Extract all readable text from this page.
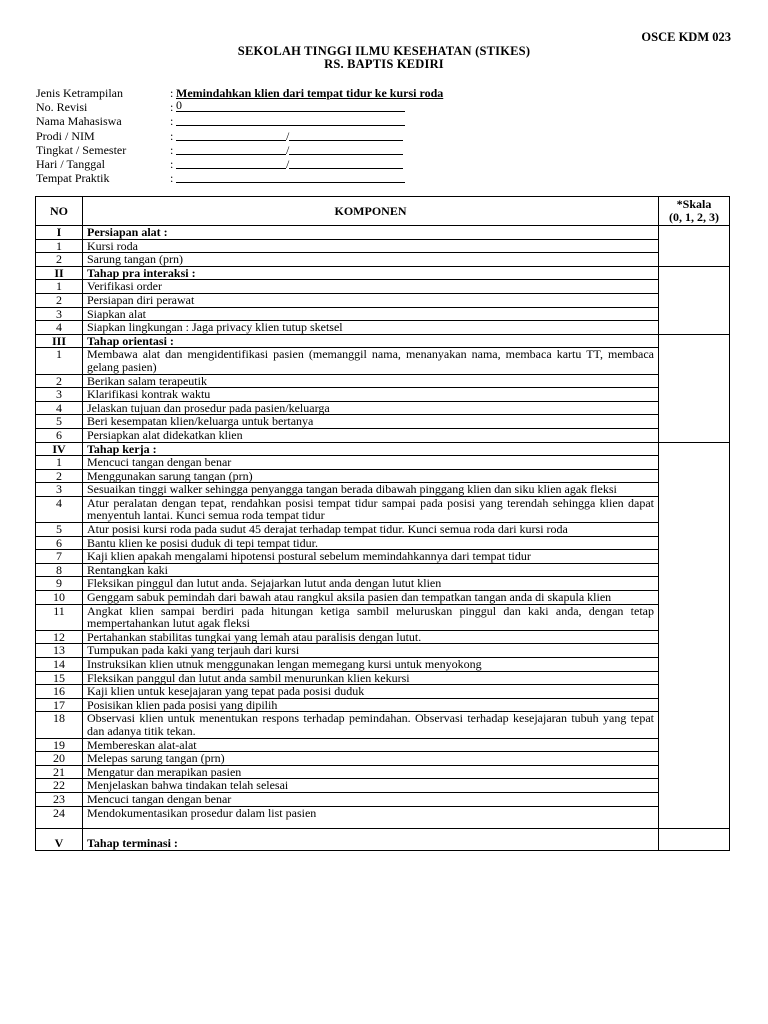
OSCE KDM 023
SEKOLAH TINGGI ILMU KESEHATAN (STIKES)
RS. BAPTIS KEDIRI
Jenis Ketrampilan	: Memindahkan klien dari tempat tidur ke kursi roda
No. Revisi	: 0
Nama Mahasiswa	:
Prodi / NIM	:	/
Tingkat / Semester	:	/
Hari / Tanggal	:	/
Tempat Praktik	:
NO	KOMPONEN	*Skala
(0, 1, 2, 3)

I	Persiapan alat :	
1	Kursi roda	
2	Sarung tangan (prn)	
II	Tahap pra interaksi :	
1	Verifikasi order	
2	Persiapan diri perawat	
3	Siapkan alat	
4	Siapkan lingkungan : Jaga privacy klien tutup sketsel	
III	Tahap orientasi :	
1	Membawa alat dan mengidentifikasi pasien (memanggil nama, menanyakan nama, membaca kartu TT, membaca gelang pasien)	
2	Berikan salam terapeutik	
3	Klarifikasi kontrak waktu	
4	Jelaskan tujuan dan prosedur pada pasien/keluarga	
5	Beri kesempatan klien/keluarga untuk bertanya	
6	Persiapkan alat didekatkan klien	
IV	Tahap kerja :	
1	Mencuci tangan dengan benar	
2	Menggunakan sarung tangan (prn)	
3	Sesuaikan tinggi walker sehingga penyangga tangan berada dibawah pinggang klien dan siku klien agak fleksi	
4	Atur peralatan dengan tepat, rendahkan posisi tempat tidur sampai pada posisi yang terendah sehingga klien dapat menyentuh lantai. Kunci semua roda tempat tidur	
5	Atur posisi kursi roda pada sudut 45 derajat terhadap tempat tidur. Kunci semua roda dari kursi roda	
6	Bantu klien ke posisi duduk di tepi tempat tidur.	
7	Kaji klien apakah mengalami hipotensi postural sebelum memindahkannya dari tempat tidur	
8	Rentangkan kaki	
9	Fleksikan pinggul dan lutut anda. Sejajarkan lutut anda dengan lutut klien	
10	Genggam sabuk pemindah dari bawah atau rangkul aksila pasien dan tempatkan tangan anda di skapula klien	
11	Angkat klien sampai berdiri pada hitungan ketiga sambil meluruskan pinggul dan kaki anda, dengan tetap mempertahankan lutut agak fleksi	
12	Pertahankan stabilitas tungkai yang lemah atau paralisis dengan lutut.	
13	Tumpukan pada kaki yang terjauh dari kursi	
14	Instruksikan klien utnuk menggunakan lengan memegang kursi untuk menyokong	
15	Fleksikan panggul dan lutut anda sambil menurunkan klien kekursi	
16	Kaji klien untuk kesejajaran yang tepat pada posisi duduk	
17	Posisikan klien pada posisi yang dipilih	
18	Observasi klien untuk menentukan respons terhadap pemindahan. Observasi terhadap kesejajaran tubuh yang tepat dan adanya titik tekan.	
19	Membereskan alat-alat	
20	Melepas sarung tangan (prn)	
21	Mengatur dan merapikan pasien	
22	Menjelaskan bahwa tindakan telah selesai	
23	Mencuci tangan dengan benar	
24	Mendokumentasikan prosedur dalam list pasien	
V	Tahap terminasi :	
